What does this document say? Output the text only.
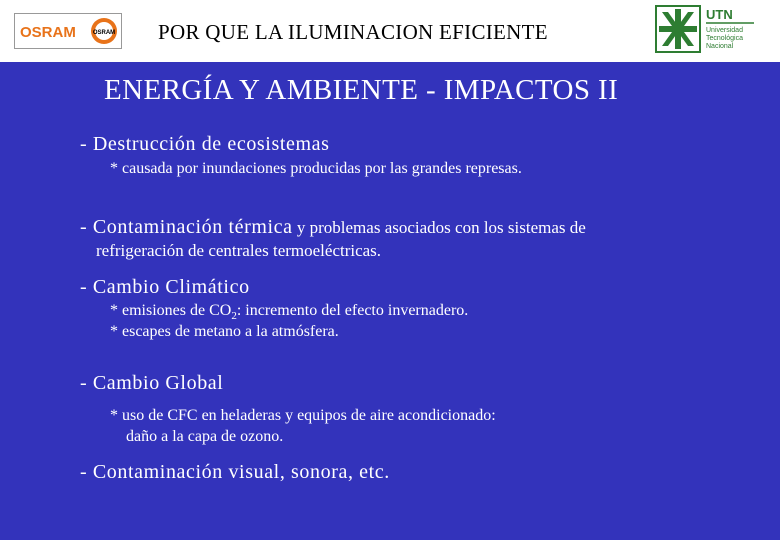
OSRAM	OSRAM POR QUE LA ILUMINACION EFICIENTE
UTN
Universidad
Tecnológica
Nacional
ENERGÍA Y AMBIENTE - IMPACTOS II
- Destrucción de ecosistemas
* causada por inundaciones producidas por las grandes represas.
- Contaminación térmica y problemas asociados con los sistemas de
refrigeración de centrales termoeléctricas.
- Cambio Climático
* emisiones de $CO_2$: incremento del efecto invernadero.
* escapes de metano a la atmósfera.
- Cambio Global
* uso de CFC en heladeras y equipos de aire acondicionado:
daño a la capa de ozono.
- Contaminación visual, sonora, etc.
